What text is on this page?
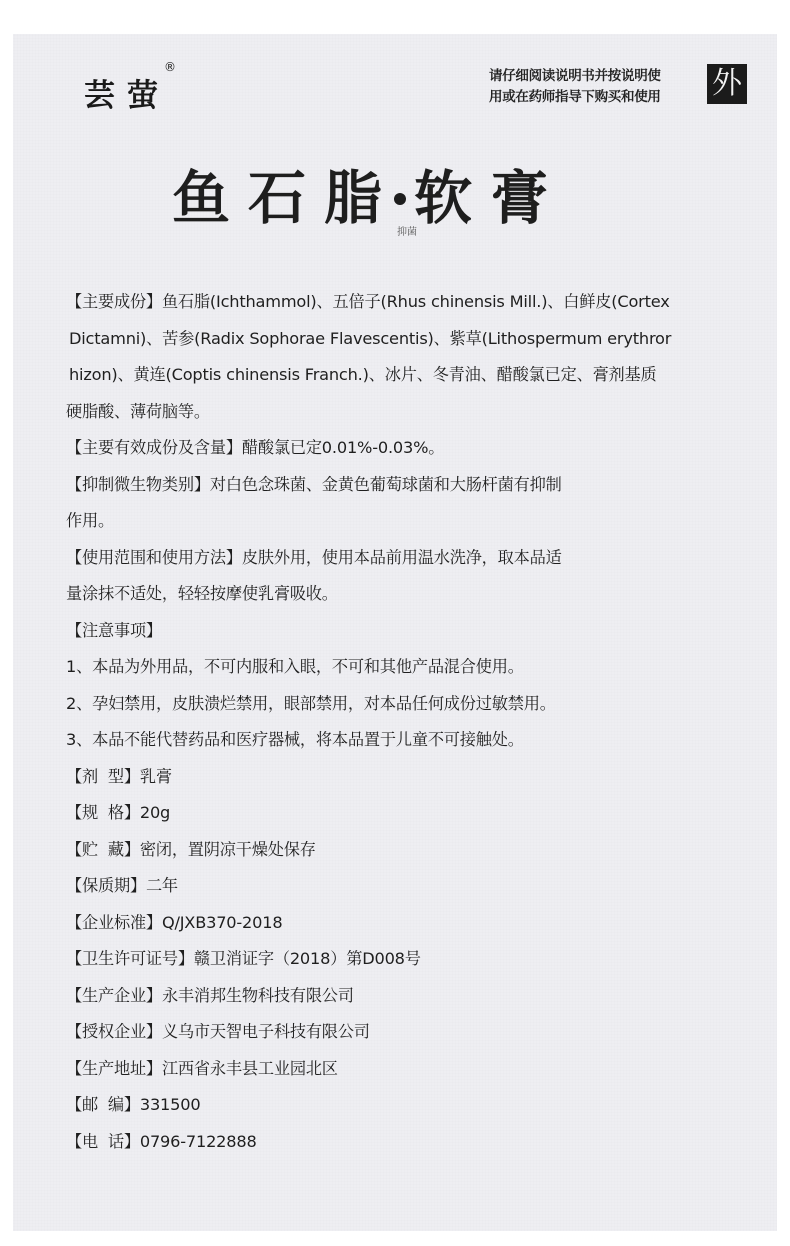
芸萤
®
请仔细阅读说明书并按说明使
用或在药师指导下购买和使用	外
鱼 石 脂 软 膏
抑菌
【主要成份】鱼石脂(Ichthammol)、五倍子(Rhus chinensis Mill.)、白鲜皮(Cortex
Dictamni)、苦参(Radix Sophorae Flavescentis)、紫草(Lithospermum erythror
hizon)、黄连(Coptis chinensis Franch.)、冰片、冬青油、醋酸氯已定、膏剂基质
硬脂酸、薄荷脑等。
【主要有效成份及含量】醋酸氯已定0.01%-0.03%。
【抑制微生物类别】对白色念珠菌、金黄色葡萄球菌和大肠杆菌有抑制
作用。
【使用范围和使用方法】皮肤外用，使用本品前用温水洗净，取本品适
量涂抹不适处，轻轻按摩使乳膏吸收。
【注意事项】
1、本品为外用品，不可内服和入眼，不可和其他产品混合使用。
2、孕妇禁用，皮肤溃烂禁用，眼部禁用，对本品任何成份过敏禁用。
3、本品不能代替药品和医疗器械，将本品置于儿童不可接触处。
【剂  型】乳膏
【规  格】20g
【贮  藏】密闭，置阴凉干燥处保存
【保质期】二年
【企业标准】Q/JXB370-2018
【卫生许可证号】赣卫消证字（2018）第D008号
【生产企业】永丰消邦生物科技有限公司
【授权企业】义乌市天智电子科技有限公司
【生产地址】江西省永丰县工业园北区
【邮  编】331500
【电  话】0796-7122888
